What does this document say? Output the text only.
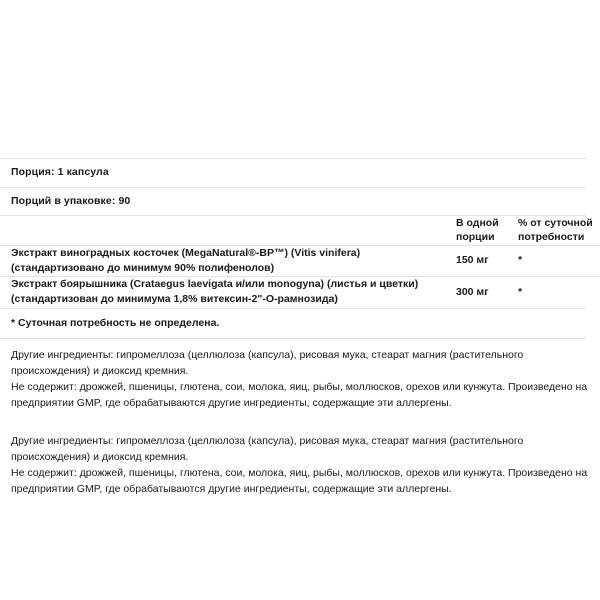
Порция: 1 капсула
Порций в упаковке: 90
	В одной порции	% от суточной потребности
Экстракт виноградных косточек (MegaNatural®-BP™) (Vitis vinifera) (стандартизовано до минимум 90% полифенолов)	150 мг	*
Экстракт боярышника (Crataegus laevigata и/или monogyna) (листья и цветки) (стандартизован до минимума 1,8% витексин-2"-О-рамнозида)	300 мг	*
* Суточная потребность не определена.

Другие ингредиенты: гипромеллоза (целлюлоза (капсула), рисовая мука, стеарат магния (растительного происхождения) и диоксид кремния.

Не содержит: дрожжей, пшеницы, глютена, сои, молока, яиц, рыбы, моллюсков, орехов или кунжута. Произведено на предприятии GMP, где обрабатываются другие ингредиенты, содержащие эти аллергены.

Другие ингредиенты: гипромеллоза (целлюлоза (капсула), рисовая мука, стеарат магния (растительного происхождения) и диоксид кремния.

Не содержит: дрожжей, пшеницы, глютена, сои, молока, яиц, рыбы, моллюсков, орехов или кунжута. Произведено на предприятии GMP, где обрабатываются другие ингредиенты, содержащие эти аллергены.
